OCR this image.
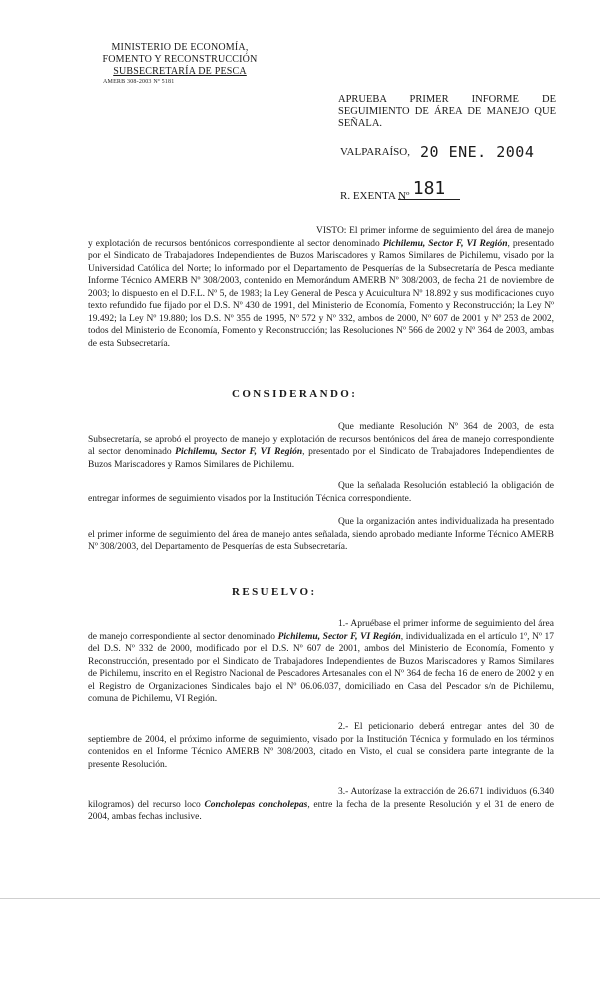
MINISTERIO DE ECONOMÍA,
FOMENTO Y RECONSTRUCCIÓN
SUBSECRETARÍA DE PESCA
AMERB 308-2003 Nº 5181
APRUEBA PRIMER INFORME DE
SEGUIMIENTO DE ÁREA DE MANEJO QUE
SEÑALA.
VALPARAÍSO, 20 ENE. 2004
R. EXENTA Nº 181
VISTO: El primer informe de seguimiento del área de manejo y explotación de recursos bentónicos correspondiente al sector denominado Pichilemu, Sector F, VI Región, presentado por el Sindicato de Trabajadores Independientes de Buzos Mariscadores y Ramos Similares de Pichilemu, visado por la Universidad Católica del Norte; lo informado por el Departamento de Pesquerías de la Subsecretaría de Pesca mediante Informe Técnico AMERB Nº 308/2003, contenido en Memorándum AMERB Nº 308/2003, de fecha 21 de noviembre de 2003; lo dispuesto en el D.F.L. Nº 5, de 1983; la Ley General de Pesca y Acuicultura Nº 18.892 y sus modificaciones cuyo texto refundido fue fijado por el D.S. Nº 430 de 1991, del Ministerio de Economía, Fomento y Reconstrucción; la Ley Nº 19.492; la Ley Nº 19.880; los D.S. Nº 355 de 1995, Nº 572 y Nº 332, ambos de 2000, Nº 607 de 2001 y Nº 253 de 2002, todos del Ministerio de Economía, Fomento y Reconstrucción; las Resoluciones Nº 566 de 2002 y Nº 364 de 2003, ambas de esta Subsecretaría.
CONSIDERANDO:
Que mediante Resolución Nº 364 de 2003, de esta Subsecretaría, se aprobó el proyecto de manejo y explotación de recursos bentónicos del área de manejo correspondiente al sector denominado Pichilemu, Sector F, VI Región, presentado por el Sindicato de Trabajadores Independientes de Buzos Mariscadores y Ramos Similares de Pichilemu.
Que la señalada Resolución estableció la obligación de entregar informes de seguimiento visados por la Institución Técnica correspondiente.
Que la organización antes individualizada ha presentado el primer informe de seguimiento del área de manejo antes señalada, siendo aprobado mediante Informe Técnico AMERB Nº 308/2003, del Departamento de Pesquerías de esta Subsecretaría.
RESUELVO:
1.- Apruébase el primer informe de seguimiento del área de manejo correspondiente al sector denominado Pichilemu, Sector F, VI Región, individualizada en el artículo 1º, Nº 17 del D.S. Nº 332 de 2000, modificado por el D.S. Nº 607 de 2001, ambos del Ministerio de Economía, Fomento y Reconstrucción, presentado por el Sindicato de Trabajadores Independientes de Buzos Mariscadores y Ramos Similares de Pichilemu, inscrito en el Registro Nacional de Pescadores Artesanales con el Nº 364 de fecha 16 de enero de 2002 y en el Registro de Organizaciones Sindicales bajo el Nº 06.06.037, domiciliado en Casa del Pescador s/n de Pichilemu, comuna de Pichilemu, VI Región.
2.- El peticionario deberá entregar antes del 30 de septiembre de 2004, el próximo informe de seguimiento, visado por la Institución Técnica y formulado en los términos contenidos en el Informe Técnico AMERB Nº 308/2003, citado en Visto, el cual se considera parte integrante de la presente Resolución.
3.- Autorízase la extracción de 26.671 individuos (6.340 kilogramos) del recurso loco Concholepas concholepas, entre la fecha de la presente Resolución y el 31 de enero de 2004, ambas fechas inclusive.
